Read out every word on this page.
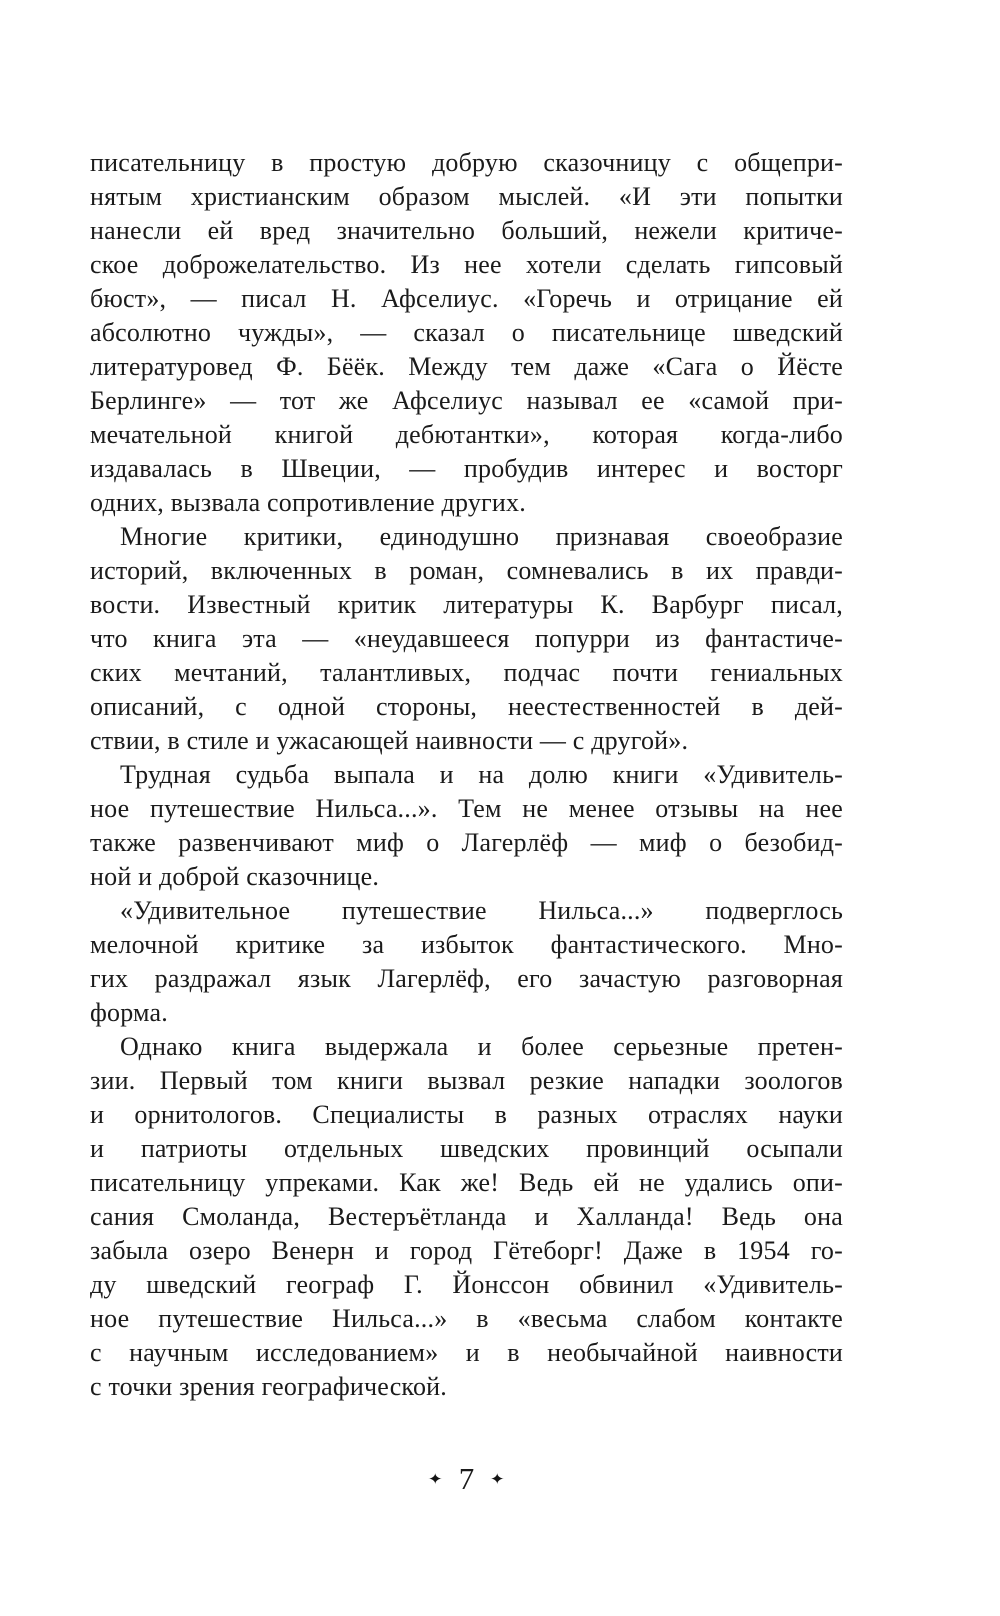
писательницу в простую добрую сказочницу с общепри-
нятым христианским образом мыслей. «И эти попытки
нанесли ей вред значительно больший, нежели критиче-
ское доброжелательство. Из нее хотели сделать гипсовый
бюст», — писал Н. Афселиус. «Горечь и отрицание ей
абсолютно чужды», — сказал о писательнице шведский
литературовед Ф. Бёёк. Между тем даже «Сага о Йёсте
Берлинге» — тот же Афселиус называл ее «самой при-
мечательной книгой дебютантки», которая когда-либо
издавалась в Швеции, — пробудив интерес и восторг
одних, вызвала сопротивление других.
Многие критики, единодушно признавая своеобразие
историй, включенных в роман, сомневались в их правди-
вости. Известный критик литературы К. Варбург писал,
что книга эта — «неудавшееся попурри из фантастиче-
ских мечтаний, талантливых, подчас почти гениальных
описаний, с одной стороны, неестественностей в дей-
ствии, в стиле и ужасающей наивности — с другой».
Трудная судьба выпала и на долю книги «Удивитель-
ное путешествие Нильса...». Тем не менее отзывы на нее
также развенчивают миф о Лагерлёф — миф о безобид-
ной и доброй сказочнице.
«Удивительное путешествие Нильса...» подверглось
мелочной критике за избыток фантастического. Мно-
гих раздражал язык Лагерлёф, его зачастую разговорная
форма.
Однако книга выдержала и более серьезные претен-
зии. Первый том книги вызвал резкие нападки зоологов
и орнитологов. Специалисты в разных отраслях науки
и патриоты отдельных шведских провинций осыпали
писательницу упреками. Как же! Ведь ей не удались опи-
сания Смоланда, Вестеръётланда и Халланда! Ведь она
забыла озеро Венерн и город Гётеборг! Даже в 1954 го-
ду шведский географ Г. Йонссон обвинил «Удивитель-
ное путешествие Нильса...» в «весьма слабом контакте
с научным исследованием» и в необычайной наивности
с точки зрения географической.
✦ 7 ✦
